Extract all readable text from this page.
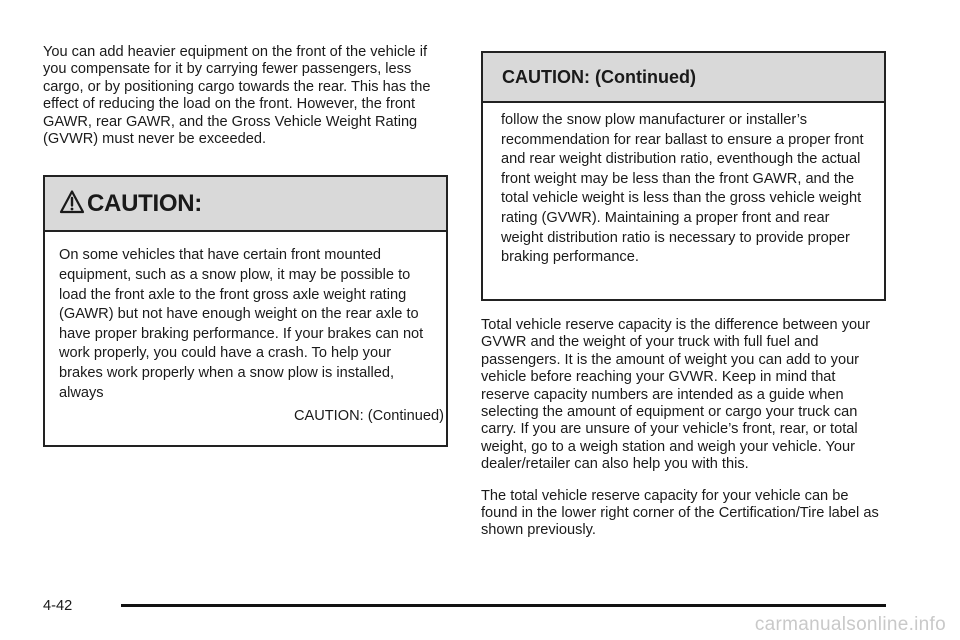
You can add heavier equipment on the front of the vehicle if you compensate for it by carrying fewer passengers, less cargo, or by positioning cargo towards the rear. This has the effect of reducing the load on the front. However, the front GAWR, rear GAWR, and the Gross Vehicle Weight Rating (GVWR) must never be exceeded.

CAUTION:
On some vehicles that have certain front mounted equipment, such as a snow plow, it may be possible to load the front axle to the front gross axle weight rating (GAWR) but not have enough weight on the rear axle to have proper braking performance. If your brakes can not work properly, you could have a crash. To help your brakes work properly when a snow plow is installed, always
CAUTION: (Continued)
CAUTION: (Continued)
follow the snow plow manufacturer or installer’s recommendation for rear ballast to ensure a proper front and rear weight distribution ratio, eventhough the actual front weight may be less than the front GAWR, and the total vehicle weight is less than the gross vehicle weight rating (GVWR). Maintaining a proper front and rear weight distribution ratio is necessary to provide proper braking performance.

Total vehicle reserve capacity is the difference between your GVWR and the weight of your truck with full fuel and passengers. It is the amount of weight you can add to your vehicle before reaching your GVWR. Keep in mind that reserve capacity numbers are intended as a guide when selecting the amount of equipment or cargo your truck can carry. If you are unsure of your vehicle’s front, rear, or total weight, go to a weigh station and weigh your vehicle. Your dealer/retailer can also help you with this.

The total vehicle reserve capacity for your vehicle can be found in the lower right corner of the Certification/Tire label as shown previously.

4-42
carmanualsonline.info
